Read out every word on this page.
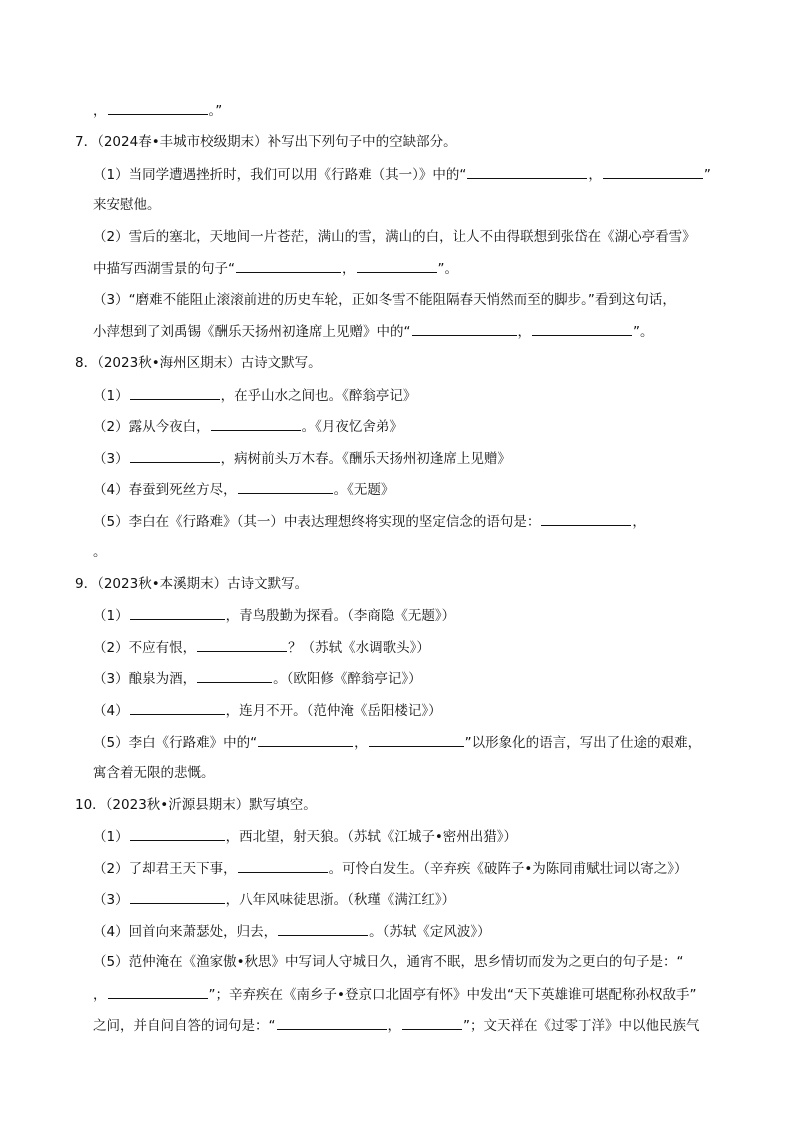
，	。”
7．（2024春•丰城市校级期末）补写出下列句子中的空缺部分。
（1）当同学遭遇挫折时，我们可以用《行路难（其一）》中的“	，	”
来安慰他。
（2）雪后的塞北，天地间一片苍茫，满山的雪，满山的白，让人不由得联想到张岱在《湖心亭看雪》
中描写西湖雪景的句子“	，	”。
（3）“磨难不能阻止滚滚前进的历史车轮，正如冬雪不能阻隔春天悄然而至的脚步。”看到这句话，
小萍想到了刘禹锡《酬乐天扬州初逢席上见赠》中的“	，	”。
8．（2023秋•海州区期末）古诗文默写。
（1）	，在乎山水之间也。《醉翁亭记》
（2）露从今夜白，	。《月夜忆舍弟》
（3）	，病树前头万木春。《酬乐天扬州初逢席上见赠》
（4）春蚕到死丝方尽，	。《无题》
（5）李白在《行路难》（其一）中表达理想终将实现的坚定信念的语句是：	，
。
9．（2023秋•本溪期末）古诗文默写。
（1）	，青鸟殷勤为探看。（李商隐《无题》）
（2）不应有恨，	？（苏轼《水调歌头》）
（3）酿泉为酒，	。（欧阳修《醉翁亭记》）
（4）	，连月不开。（范仲淹《岳阳楼记》）
（5）李白《行路难》中的“	，	”以形象化的语言，写出了仕途的艰难，
寓含着无限的悲慨。
10．（2023秋•沂源县期末）默写填空。
（1）	，西北望，射天狼。（苏轼《江城子•密州出猎》）
（2）了却君王天下事，	。可怜白发生。（辛弃疾《破阵子•为陈同甫赋壮词以寄之》）
（3）	，八年风味徒思浙。（秋瑾《满江红》）
（4）回首向来萧瑟处，归去，	。（苏轼《定风波》）
（5）范仲淹在《渔家傲•秋思》中写词人守城日久，通宵不眠，思乡情切而发为之更白的句子是：“
，	”；辛弃疾在《南乡子•登京口北固亭有怀》中发出“天下英雄谁可堪配称孙权敌手”
之问，并自问自答的词句是：“	，	”；文天祥在《过零丁洋》中以他民族气
